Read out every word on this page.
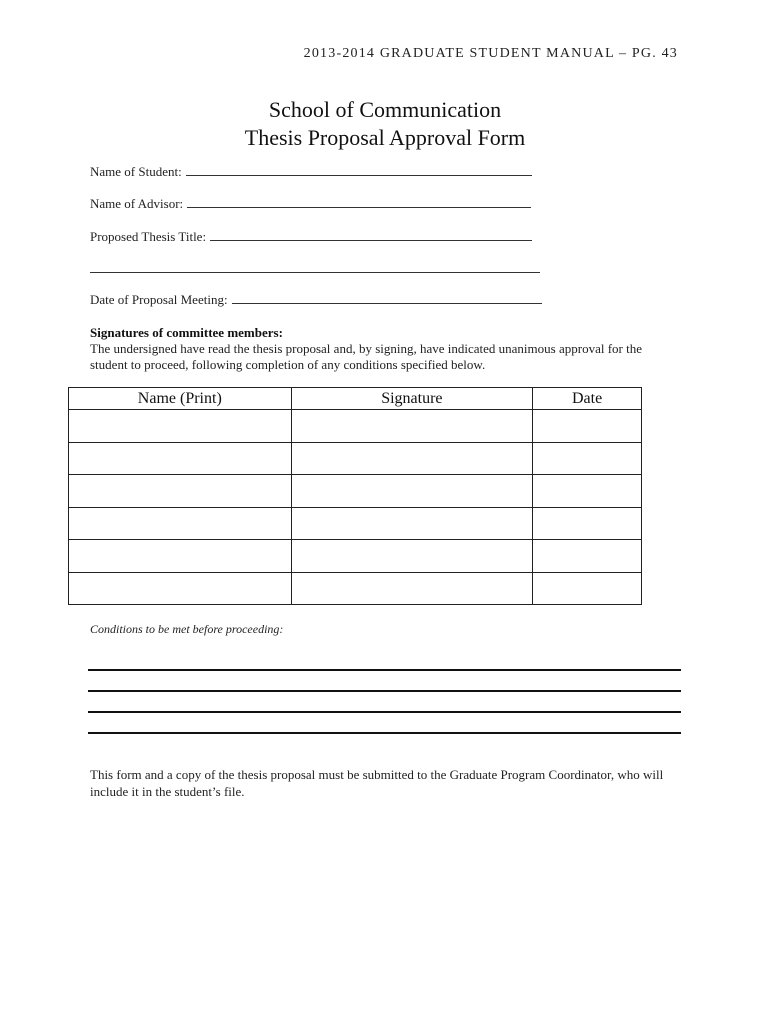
2013-2014 GRADUATE STUDENT MANUAL – PG. 43
School of Communication
Thesis Proposal Approval Form
Name of Student:
Name of Advisor:
Proposed Thesis Title:
Date of Proposal Meeting:
Signatures of committee members:
The undersigned have read the thesis proposal and, by signing, have indicated unanimous approval for the student to proceed, following completion of any conditions specified below.
Name (Print)	Signature	Date

Conditions to be met before proceeding:
This form and a copy of the thesis proposal must be submitted to the Graduate Program Coordinator, who will include it in the student’s file.
